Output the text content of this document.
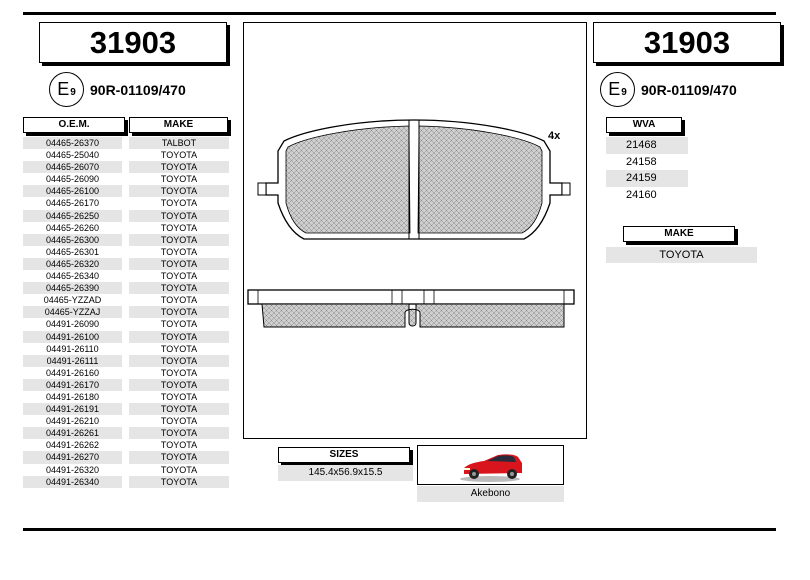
31903
$E_9$ 90R-01109/470
O.E.M.	MAKE
04465-26370	TALBOT
04465-25040	TOYOTA
04465-26070	TOYOTA
04465-26090	TOYOTA
04465-26100	TOYOTA
04465-26170	TOYOTA
04465-26250	TOYOTA
04465-26260	TOYOTA
04465-26300	TOYOTA
04465-26301	TOYOTA
04465-26320	TOYOTA
04465-26340	TOYOTA
04465-26390	TOYOTA
04465-YZZAD	TOYOTA
04465-YZZAJ	TOYOTA
04491-26090	TOYOTA
04491-26100	TOYOTA
04491-26110	TOYOTA
04491-26111	TOYOTA
04491-26160	TOYOTA
04491-26170	TOYOTA
04491-26180	TOYOTA
04491-26191	TOYOTA
04491-26210	TOYOTA
04491-26261	TOYOTA
04491-26262	TOYOTA
04491-26270	TOYOTA
04491-26320	TOYOTA
04491-26340	TOYOTA
4x
SIZES
145.4x56.9x15.5
Akebono
31903
$E_9$ 90R-01109/470
WVA
21468
24158
24159
24160
MAKE
TOYOTA
